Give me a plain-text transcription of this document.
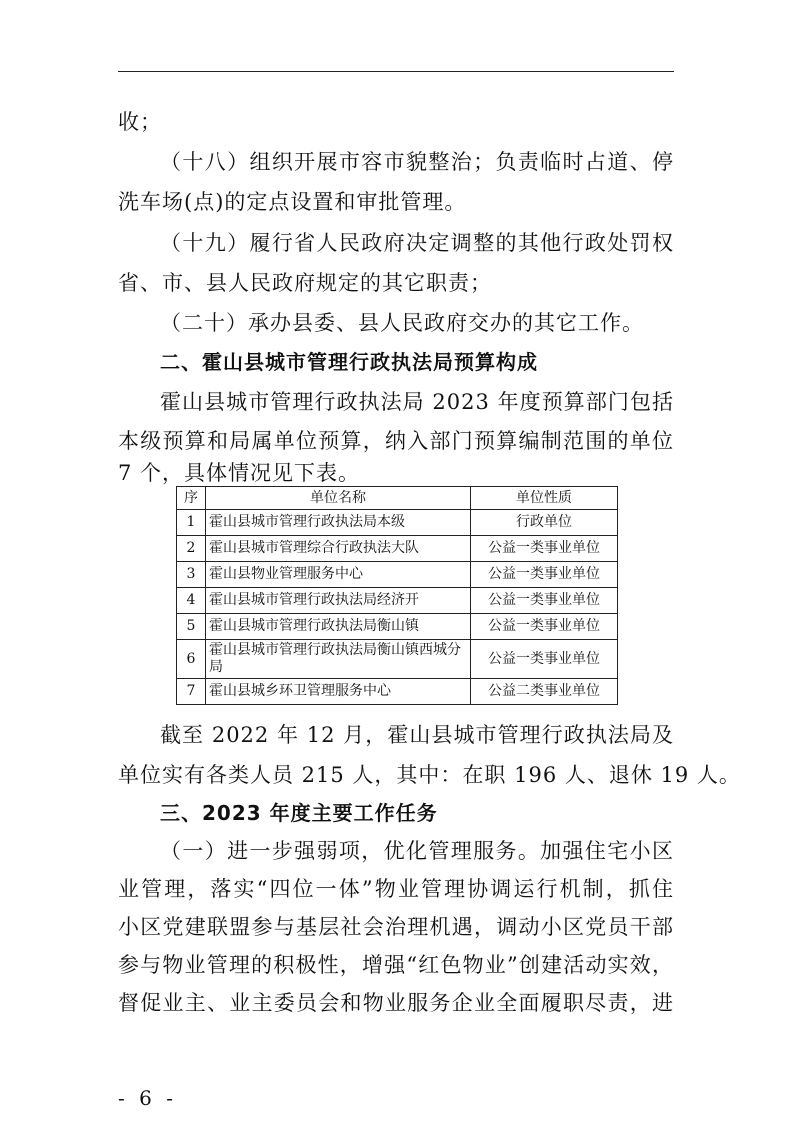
收；
（十八）组织开展市容市貌整治；负责临时占道、停
洗车场(点)的定点设置和审批管理。
（十九）履行省人民政府决定调整的其他行政处罚权
省、市、县人民政府规定的其它职责；
（二十）承办县委、县人民政府交办的其它工作。
二、霍山县城市管理行政执法局预算构成
霍山县城市管理行政执法局 2023 年度预算部门包括
本级预算和局属单位预算，纳入部门预算编制范围的单位
7 个，具体情况见下表。
序	单位名称	单位性质
1	霍山县城市管理行政执法局本级	行政单位
2	霍山县城市管理综合行政执法大队	公益一类事业单位
3	霍山县物业管理服务中心	公益一类事业单位
4	霍山县城市管理行政执法局经济开	公益一类事业单位
5	霍山县城市管理行政执法局衡山镇	公益一类事业单位
6	霍山县城市管理行政执法局衡山镇西城分局	公益一类事业单位
7	霍山县城乡环卫管理服务中心	公益二类事业单位
截至 2022 年 12 月，霍山县城市管理行政执法局及
单位实有各类人员 215 人，其中：在职 196 人、退休 19 人。
三、2023 年度主要工作任务
（一）进一步强弱项，优化管理服务。加强住宅小区
业管理，落实“四位一体”物业管理协调运行机制，抓住
小区党建联盟参与基层社会治理机遇，调动小区党员干部
参与物业管理的积极性，增强“红色物业”创建活动实效，
督促业主、业主委员会和物业服务企业全面履职尽责，进
- 6 -
